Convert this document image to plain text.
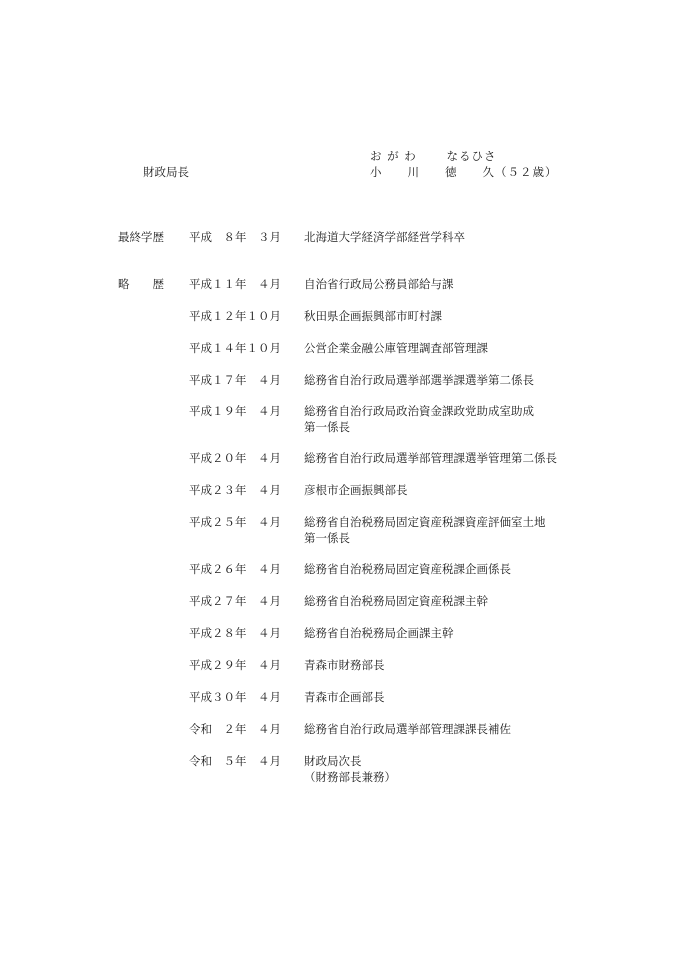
お が わ 　　なるひさ
財政局長	小　　川　　徳　　久（５２歳）
最終学歴 平成　８年　３月 北海道大学経済学部経営学科卒
略　　歴 平成１１年　４月 自治省行政局公務員部給与課
平成１２年１０月 秋田県企画振興部市町村課
平成１４年１０月 公営企業金融公庫管理調査部管理課
平成１７年　４月 総務省自治行政局選挙部選挙課選挙第二係長
平成１９年　４月 総務省自治行政局政治資金課政党助成室助成
第一係長
平成２０年　４月 総務省自治行政局選挙部管理課選挙管理第二係長
平成２３年　４月 彦根市企画振興部長
平成２５年　４月 総務省自治税務局固定資産税課資産評価室土地
第一係長
平成２６年　４月 総務省自治税務局固定資産税課企画係長
平成２７年　４月 総務省自治税務局固定資産税課主幹
平成２８年　４月 総務省自治税務局企画課主幹
平成２９年　４月 青森市財務部長
平成３０年　４月 青森市企画部長
令和　２年　４月 総務省自治行政局選挙部管理課課長補佐
令和　５年　４月 財政局次長
（財務部長兼務）
